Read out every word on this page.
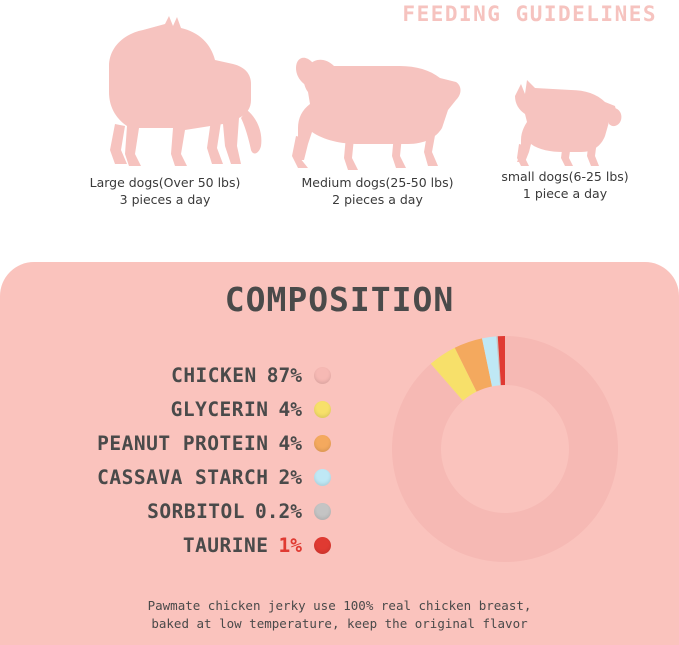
FEEDING GUIDELINES
Large dogs(Over 50 lbs)
3 pieces a day
Medium dogs(25-50 lbs)
2 pieces a day
small dogs(6-25 lbs)
1 piece a day
COMPOSITION
CHICKEN 87%
GLYCERIN 4%
PEANUT PROTEIN 4%
CASSAVA STARCH 2%
SORBITOL 0.2%
TAURINE 1%
Pawmate chicken jerky use 100% real chicken breast,
baked at low temperature, keep the original flavor
